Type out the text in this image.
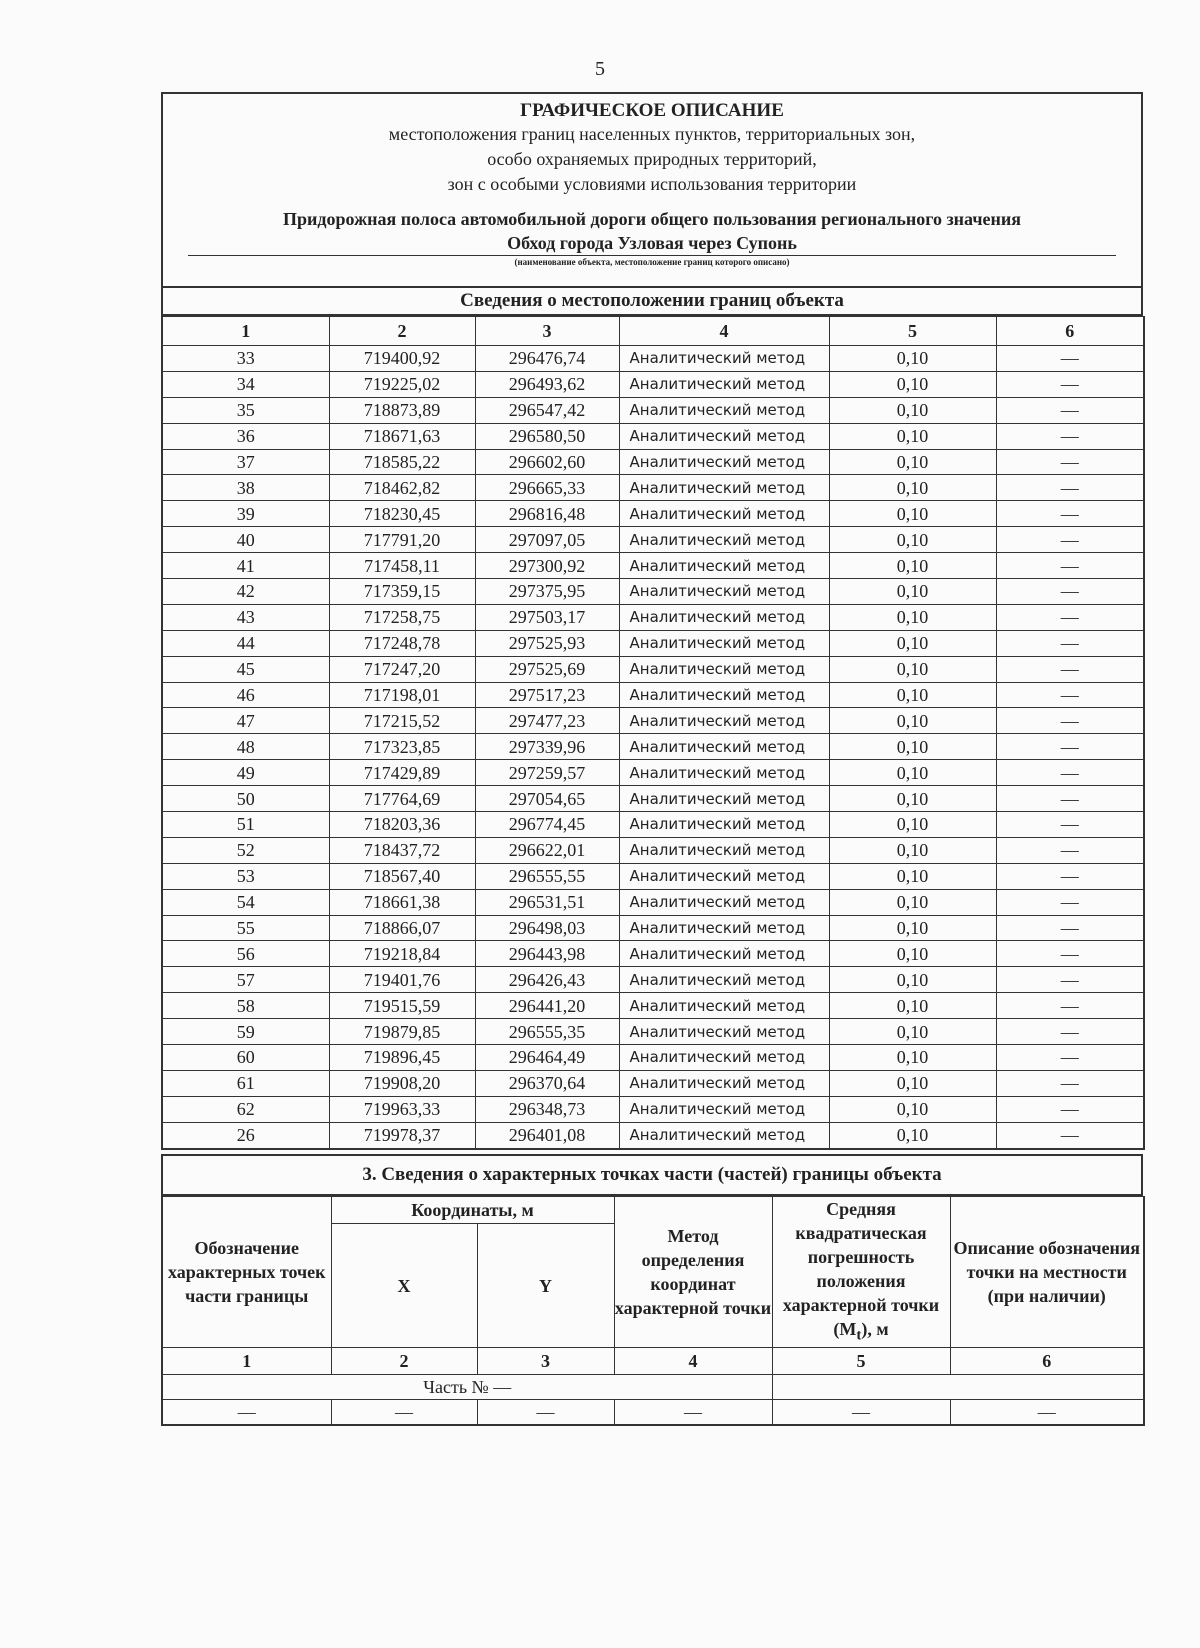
5
ГРАФИЧЕСКОЕ ОПИСАНИЕ
местоположения границ населенных пунктов, территориальных зон,
особо охраняемых природных территорий,
зон с особыми условиями использования территории
Придорожная полоса автомобильной дороги общего пользования регионального значения
Обход города Узловая через Супонь
(наименование объекта, местоположение границ которого описано)
Сведения о местоположении границ объекта
1	2	3	4	5	6
33	719400,92	296476,74	Аналитический метод	0,10	—
34	719225,02	296493,62	Аналитический метод	0,10	—
35	718873,89	296547,42	Аналитический метод	0,10	—
36	718671,63	296580,50	Аналитический метод	0,10	—
37	718585,22	296602,60	Аналитический метод	0,10	—
38	718462,82	296665,33	Аналитический метод	0,10	—
39	718230,45	296816,48	Аналитический метод	0,10	—
40	717791,20	297097,05	Аналитический метод	0,10	—
41	717458,11	297300,92	Аналитический метод	0,10	—
42	717359,15	297375,95	Аналитический метод	0,10	—
43	717258,75	297503,17	Аналитический метод	0,10	—
44	717248,78	297525,93	Аналитический метод	0,10	—
45	717247,20	297525,69	Аналитический метод	0,10	—
46	717198,01	297517,23	Аналитический метод	0,10	—
47	717215,52	297477,23	Аналитический метод	0,10	—
48	717323,85	297339,96	Аналитический метод	0,10	—
49	717429,89	297259,57	Аналитический метод	0,10	—
50	717764,69	297054,65	Аналитический метод	0,10	—
51	718203,36	296774,45	Аналитический метод	0,10	—
52	718437,72	296622,01	Аналитический метод	0,10	—
53	718567,40	296555,55	Аналитический метод	0,10	—
54	718661,38	296531,51	Аналитический метод	0,10	—
55	718866,07	296498,03	Аналитический метод	0,10	—
56	719218,84	296443,98	Аналитический метод	0,10	—
57	719401,76	296426,43	Аналитический метод	0,10	—
58	719515,59	296441,20	Аналитический метод	0,10	—
59	719879,85	296555,35	Аналитический метод	0,10	—
60	719896,45	296464,49	Аналитический метод	0,10	—
61	719908,20	296370,64	Аналитический метод	0,10	—
62	719963,33	296348,73	Аналитический метод	0,10	—
26	719978,37	296401,08	Аналитический метод	0,10	—
3. Сведения о характерных точках части (частей) границы объекта
Обозначение характерных точек части границы	Координаты, м		Метод определения координат характерной точки	Средняя квадратическая погрешность положения характерной точки $(M_t)$, м	Описание обозначения точки на местности (при наличии)
	X	Y			
1	2	3	4	5	6
Часть № —					
—	—	—	—	—	—
